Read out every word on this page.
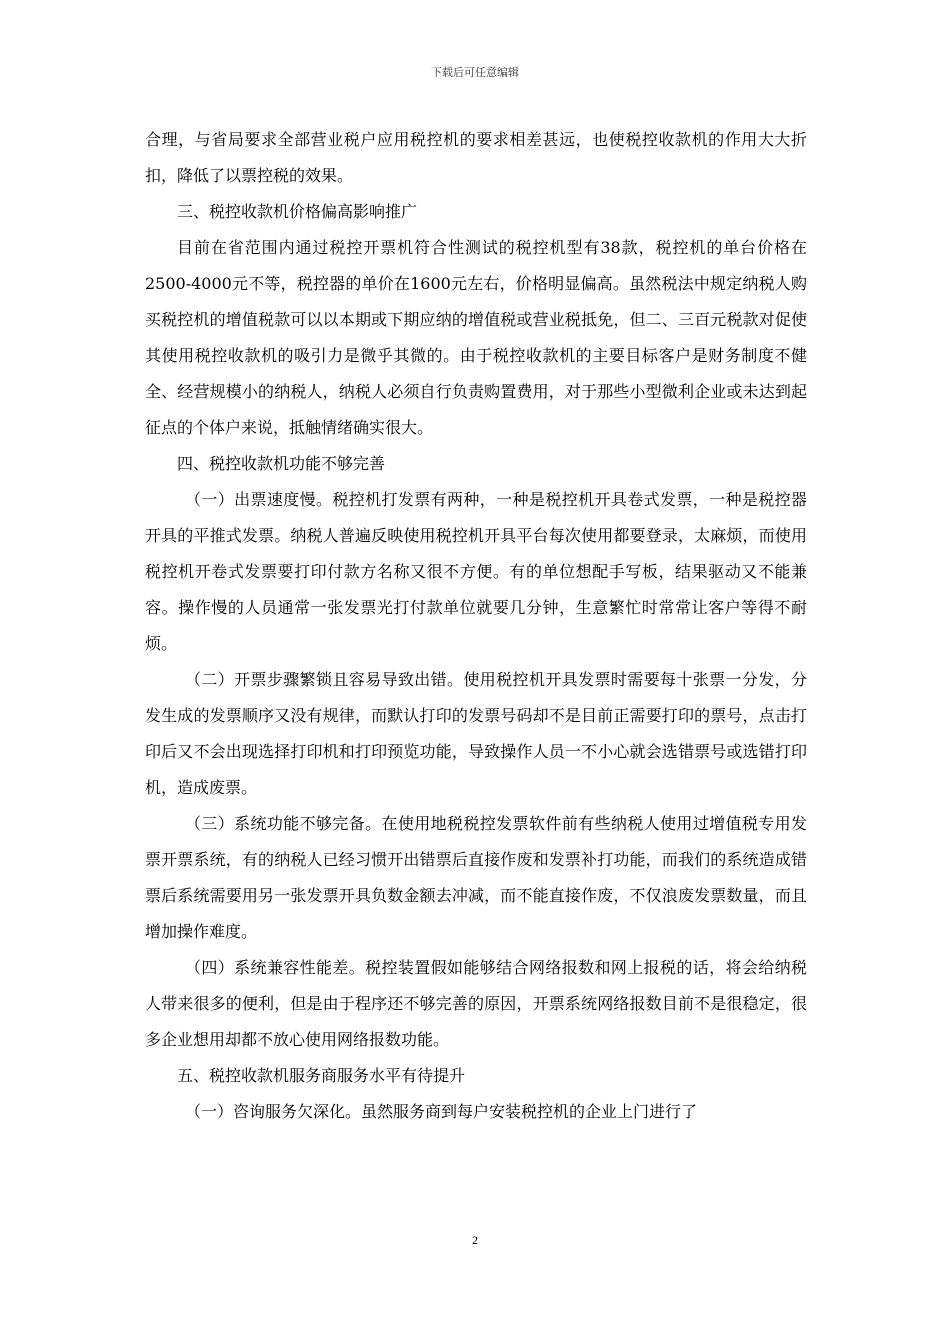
下载后可任意编辑

合理，与省局要求全部营业税户应用税控机的要求相差甚远，也使税控收款机的作用大大折扣，降低了以票控税的效果。

三、税控收款机价格偏高影响推广

目前在省范围内通过税控开票机符合性测试的税控机型有38款，税控机的单台价格在2500-4000元不等，税控器的单价在1600元左右，价格明显偏高。虽然税法中规定纳税人购买税控机的增值税款可以以本期或下期应纳的增值税或营业税抵免，但二、三百元税款对促使其使用税控收款机的吸引力是微乎其微的。由于税控收款机的主要目标客户是财务制度不健全、经营规模小的纳税人，纳税人必须自行负责购置费用，对于那些小型微利企业或未达到起征点的个体户来说，抵触情绪确实很大。

四、税控收款机功能不够完善

（一）出票速度慢。税控机打发票有两种，一种是税控机开具卷式发票，一种是税控器开具的平推式发票。纳税人普遍反映使用税控机开具平台每次使用都要登录，太麻烦，而使用税控机开卷式发票要打印付款方名称又很不方便。有的单位想配手写板，结果驱动又不能兼容。操作慢的人员通常一张发票光打付款单位就要几分钟，生意繁忙时常常让客户等得不耐烦。

（二）开票步骤繁锁且容易导致出错。使用税控机开具发票时需要每十张票一分发，分发生成的发票顺序又没有规律，而默认打印的发票号码却不是目前正需要打印的票号，点击打印后又不会出现选择打印机和打印预览功能，导致操作人员一不小心就会选错票号或选错打印机，造成废票。

（三）系统功能不够完备。在使用地税税控发票软件前有些纳税人使用过增值税专用发票开票系统，有的纳税人已经习惯开出错票后直接作废和发票补打功能，而我们的系统造成错票后系统需要用另一张发票开具负数金额去冲减，而不能直接作废，不仅浪废发票数量，而且增加操作难度。

（四）系统兼容性能差。税控装置假如能够结合网络报数和网上报税的话，将会给纳税人带来很多的便利，但是由于程序还不够完善的原因，开票系统网络报数目前不是很稳定，很多企业想用却都不放心使用网络报数功能。

五、税控收款机服务商服务水平有待提升

（一）咨询服务欠深化。虽然服务商到每户安装税控机的企业上门进行了

2
